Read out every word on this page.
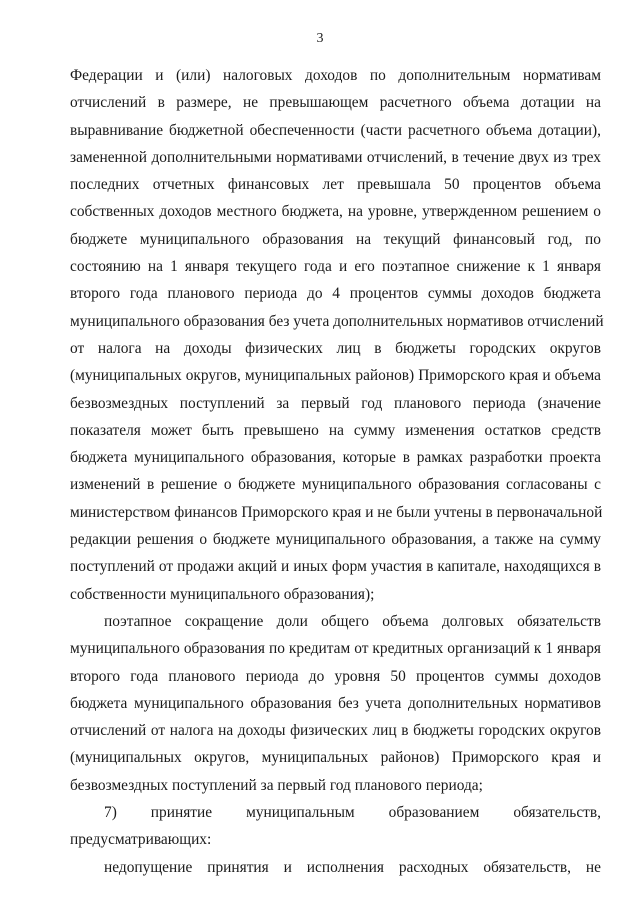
3
Федерации и (или) налоговых доходов по дополнительным нормативам
отчислений в размере, не превышающем расчетного объема дотации на
выравнивание бюджетной обеспеченности (части расчетного объема дотации),
замененной дополнительными нормативами отчислений, в течение двух из трех
последних отчетных финансовых лет превышала 50 процентов объема
собственных доходов местного бюджета, на уровне, утвержденном решением о
бюджете муниципального образования на текущий финансовый год, по
состоянию на 1 января текущего года и его поэтапное снижение к 1 января
второго года планового периода до 4 процентов суммы доходов бюджета
муниципального образования без учета дополнительных нормативов отчислений
от налога на доходы физических лиц в бюджеты городских округов
(муниципальных округов, муниципальных районов) Приморского края и объема
безвозмездных поступлений за первый год планового периода (значение
показателя может быть превышено на сумму изменения остатков средств
бюджета муниципального образования, которые в рамках разработки проекта
изменений в решение о бюджете муниципального образования согласованы с
министерством финансов Приморского края и не были учтены в первоначальной
редакции решения о бюджете муниципального образования, а также на сумму
поступлений от продажи акций и иных форм участия в капитале, находящихся в
собственности муниципального образования);
поэтапное сокращение доли общего объема долговых обязательств
муниципального образования по кредитам от кредитных организаций к 1 января
второго года планового периода до уровня 50 процентов суммы доходов
бюджета муниципального образования без учета дополнительных нормативов
отчислений от налога на доходы физических лиц в бюджеты городских округов
(муниципальных округов, муниципальных районов) Приморского края и
безвозмездных поступлений за первый год планового периода;
7) принятие муниципальным образованием обязательств,
предусматривающих:
недопущение принятия и исполнения расходных обязательств, не
